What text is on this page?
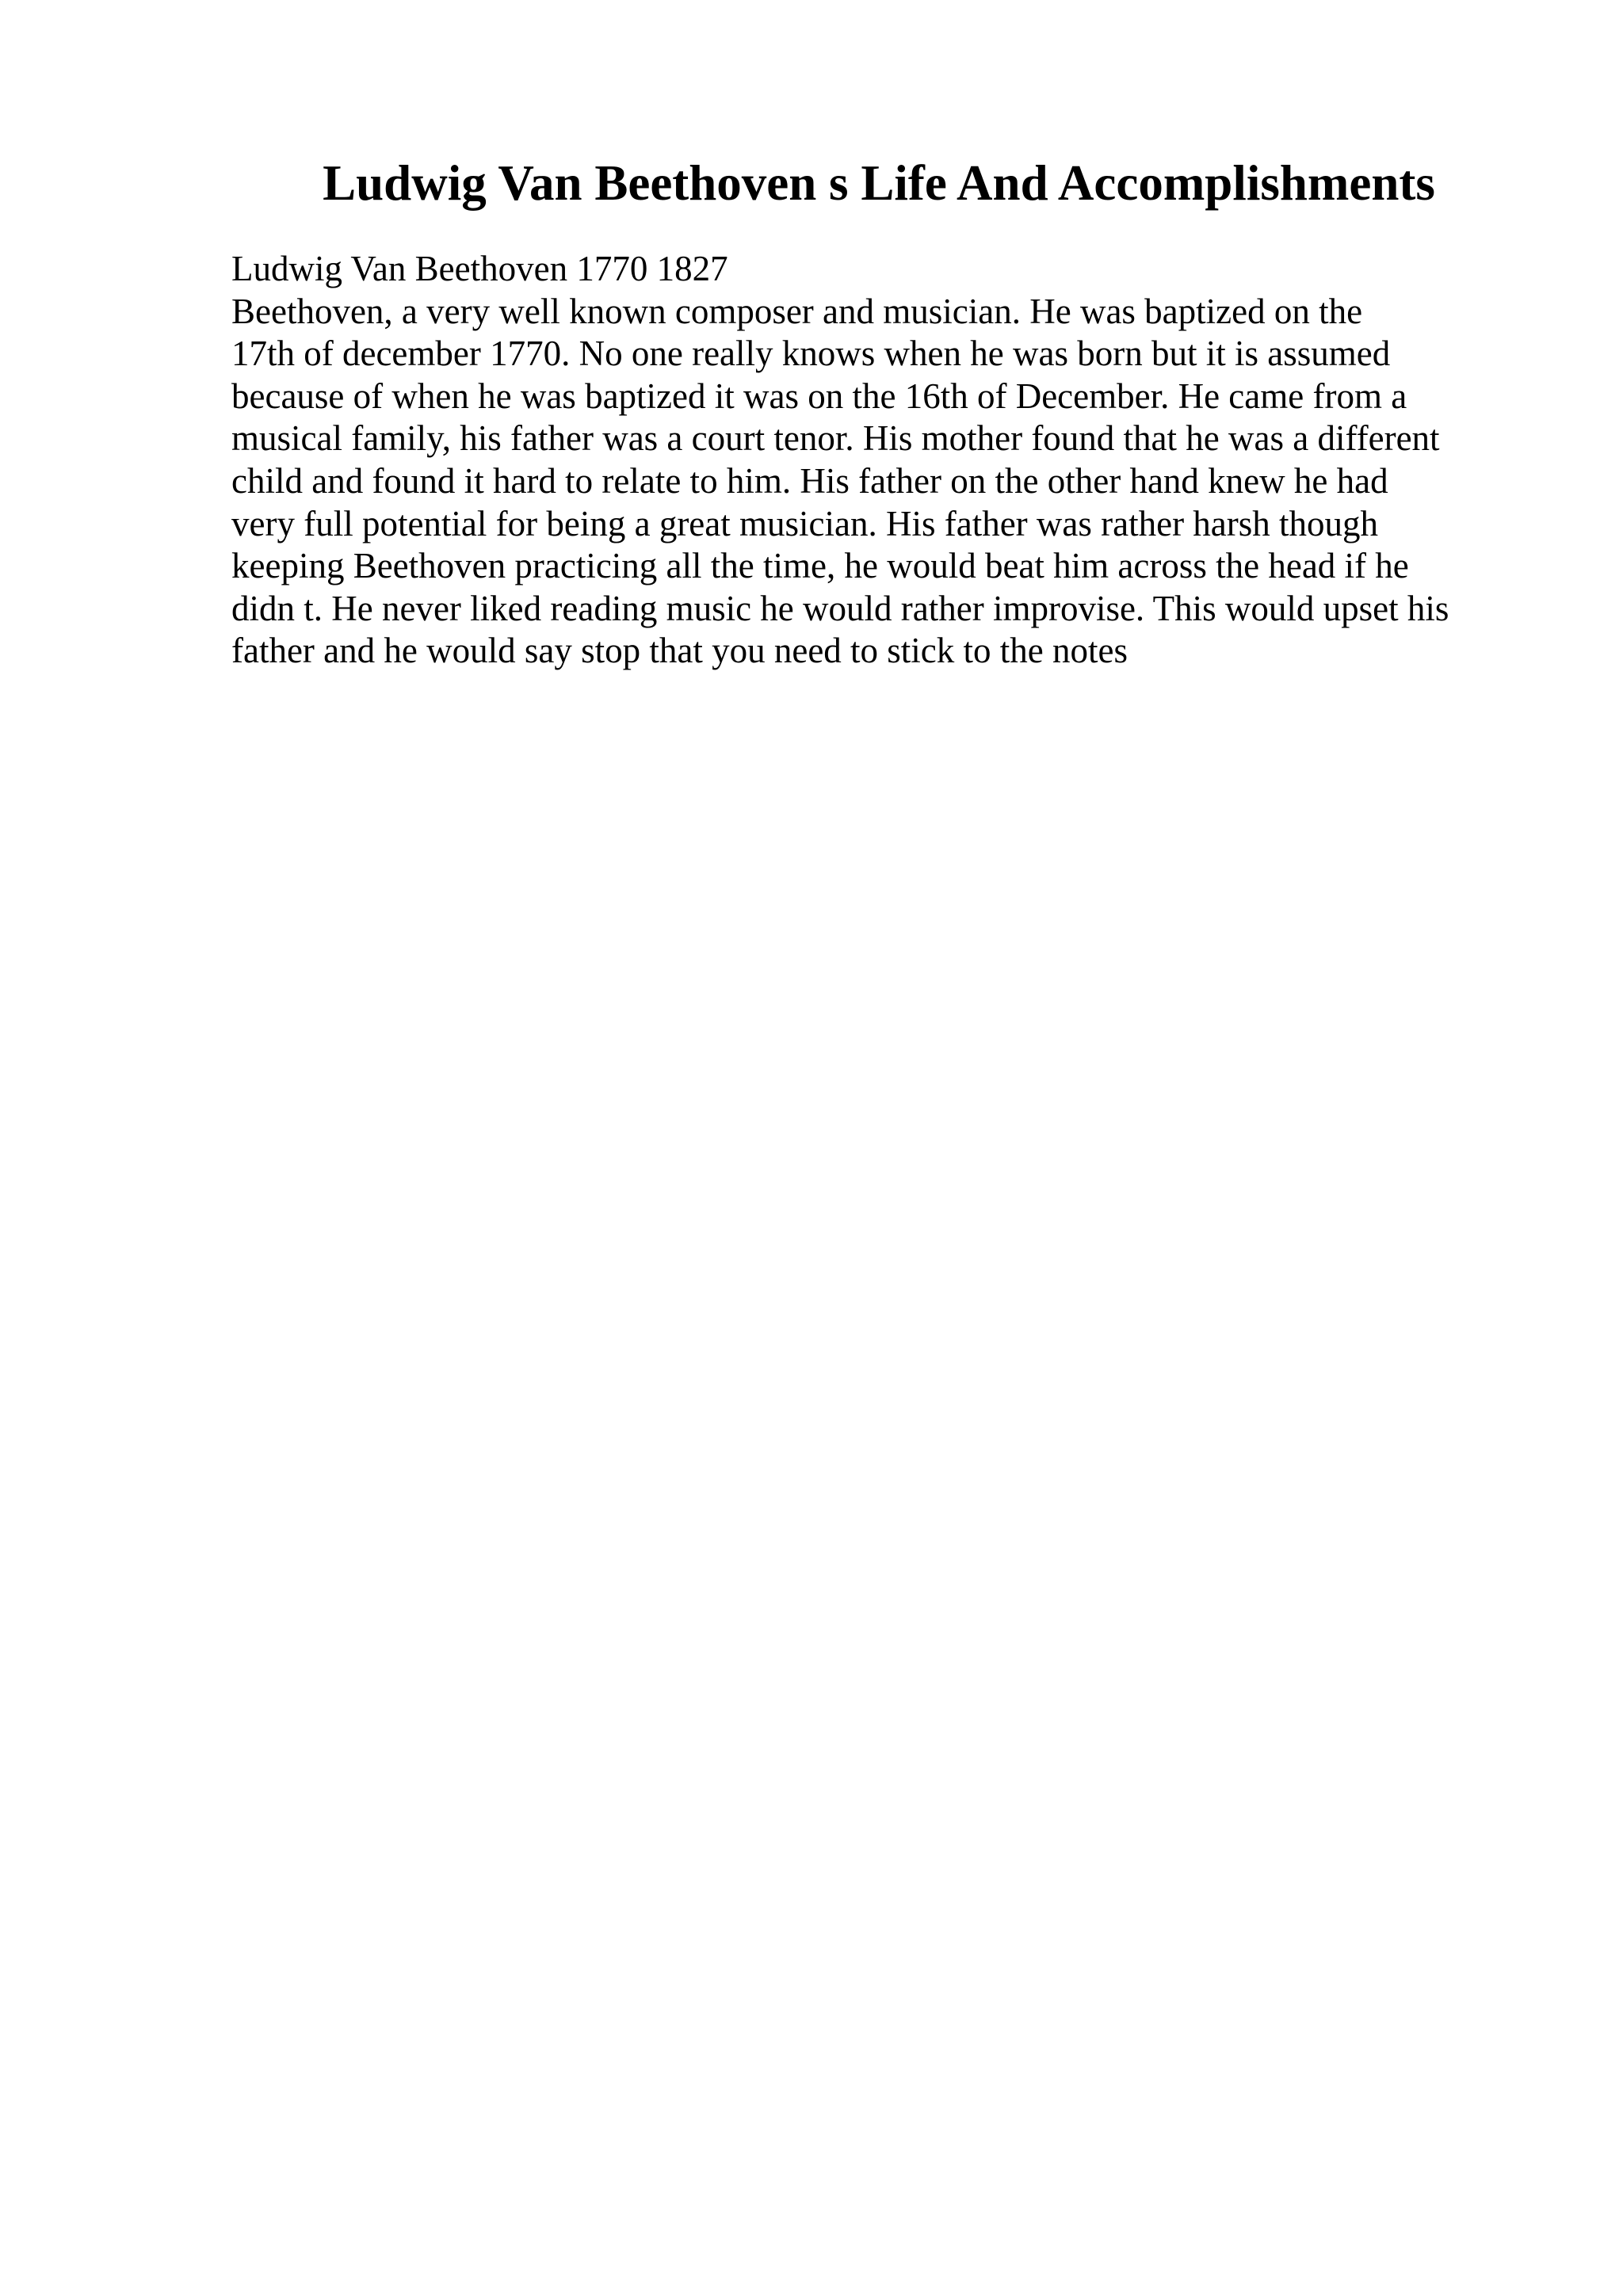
Ludwig Van Beethoven s Life And Accomplishments
Ludwig Van Beethoven 1770 1827
Beethoven, a very well known composer and musician. He was baptized on the
17th of december 1770. No one really knows when he was born but it is assumed
because of when he was baptized it was on the 16th of December. He came from a
musical family, his father was a court tenor. His mother found that he was a different
child and found it hard to relate to him. His father on the other hand knew he had
very full potential for being a great musician. His father was rather harsh though
keeping Beethoven practicing all the time, he would beat him across the head if he
didn t. He never liked reading music he would rather improvise. This would upset his
father and he would say stop that you need to stick to the notes
